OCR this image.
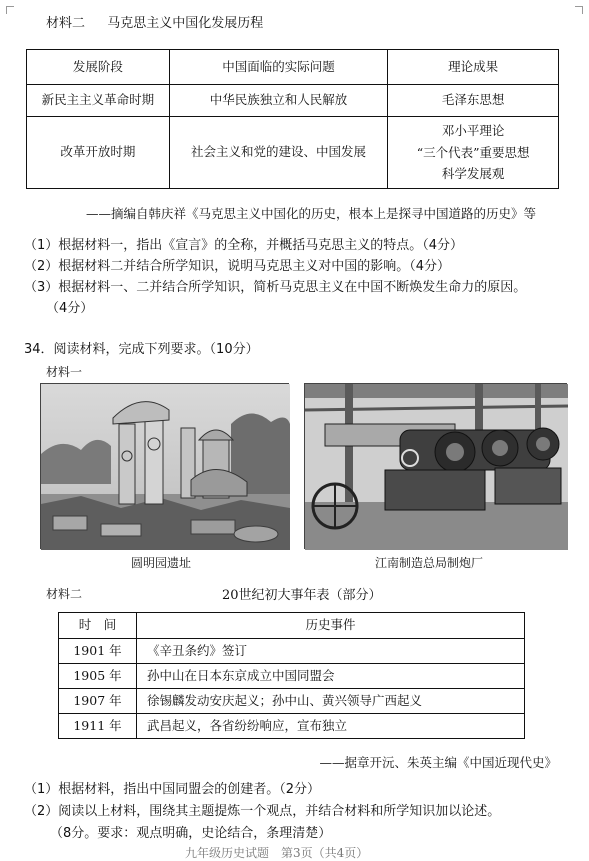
材料二 马克思主义中国化发展历程
发展阶段	中国面临的实际问题	理论成果
新民主主义革命时期	中华民族独立和人民解放	毛泽东思想
改革开放时期	社会主义和党的建设、中国发展	邓小平理论
“三个代表”重要思想
科学发展观
——摘编自韩庆祥《马克思主义中国化的历史，根本上是探寻中国道路的历史》等
（1）根据材料一，指出《宣言》的全称，并概括马克思主义的特点。（4分）
（2）根据材料二并结合所学知识，说明马克思主义对中国的影响。（4分）
（3）根据材料一、二并结合所学知识，简析马克思主义在中国不断焕发生命力的原因。
（4分）
34．阅读材料，完成下列要求。（10分）
材料一
圆明园遗址	江南制造总局制炮厂
材料二	20世纪初大事年表（部分）
时　间	历史事件
1901 年	《辛丑条约》签订
1905 年	孙中山在日本东京成立中国同盟会
1907 年	徐锡麟发动安庆起义；孙中山、黄兴领导广西起义
1911 年	武昌起义，各省纷纷响应，宣布独立
——据章开沅、朱英主编《中国近现代史》
（1）根据材料，指出中国同盟会的创建者。（2分）
（2）阅读以上材料，围绕其主题提炼一个观点，并结合材料和所学知识加以论述。
（8分。要求：观点明确，史论结合，条理清楚）
九年级历史试题　第3页（共4页）
